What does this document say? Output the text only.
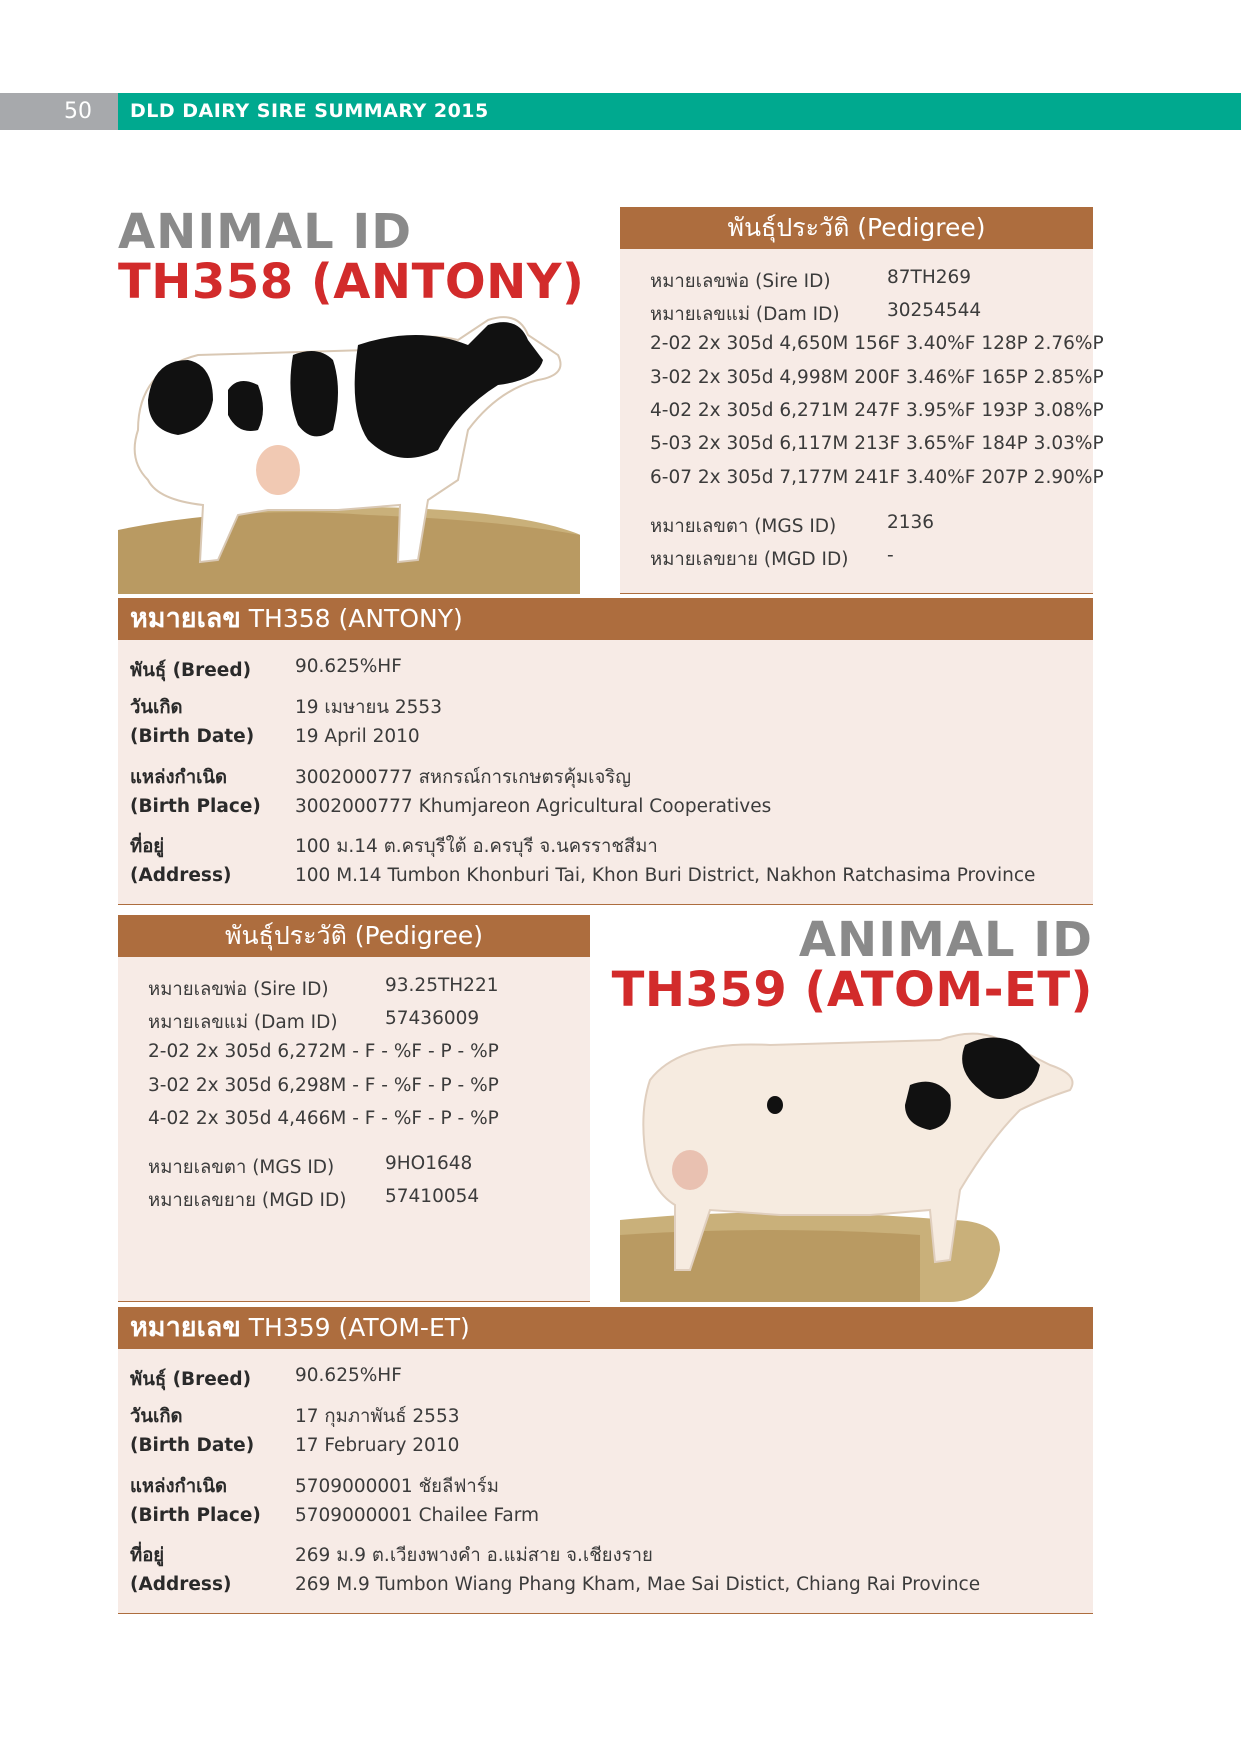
50 DLD DAIRY SIRE SUMMARY 2015
ANIMAL ID
TH358 (ANTONY)
พันธุ์ประวัติ (Pedigree)
หมายเลขพ่อ (Sire ID)	87TH269
หมายเลขแม่ (Dam ID)	30254544
2-02 2x 305d 4,650M 156F 3.40%F 128P 2.76%P
3-02 2x 305d 4,998M 200F 3.46%F 165P 2.85%P
4-02 2x 305d 6,271M 247F 3.95%F 193P 3.08%P
5-03 2x 305d 6,117M 213F 3.65%F 184P 3.03%P
6-07 2x 305d 7,177M 241F 3.40%F 207P 2.90%P
หมายเลขตา (MGS ID)	2136
หมายเลขยาย (MGD ID) -
หมายเลข TH358 (ANTONY)
พันธุ์ (Breed) 90.625%HF
วันเกิด	19 เมษายน 2553
(Birth Date) 19 April 2010
แหล่งกำเนิด	3002000777 สหกรณ์การเกษตรคุ้มเจริญ
(Birth Place) 3002000777 Khumjareon Agricultural Cooperatives
ที่อยู่	100 ม.14 ต.ครบุรีใต้ อ.ครบุรี จ.นครราชสีมา
(Address)	100 M.14 Tumbon Khonburi Tai, Khon Buri District, Nakhon Ratchasima Province
พันธุ์ประวัติ (Pedigree)
หมายเลขพ่อ (Sire ID)	93.25TH221
หมายเลขแม่ (Dam ID)	57436009
2-02 2x 305d 6,272M - F - %F - P - %P
3-02 2x 305d 6,298M - F - %F - P - %P
4-02 2x 305d 4,466M - F - %F - P - %P
หมายเลขตา (MGS ID)	9HO1648
หมายเลขยาย (MGD ID) 57410054
ANIMAL ID
TH359 (ATOM-ET)
หมายเลข TH359 (ATOM-ET)
พันธุ์ (Breed) 90.625%HF
วันเกิด	17 กุมภาพันธ์ 2553
(Birth Date) 17 February 2010
แหล่งกำเนิด	5709000001 ชัยลีฟาร์ม
(Birth Place) 5709000001 Chailee Farm
ที่อยู่	269 ม.9 ต.เวียงพางคำ อ.แม่สาย จ.เชียงราย
(Address)	269 M.9 Tumbon Wiang Phang Kham, Mae Sai Distict, Chiang Rai Province
